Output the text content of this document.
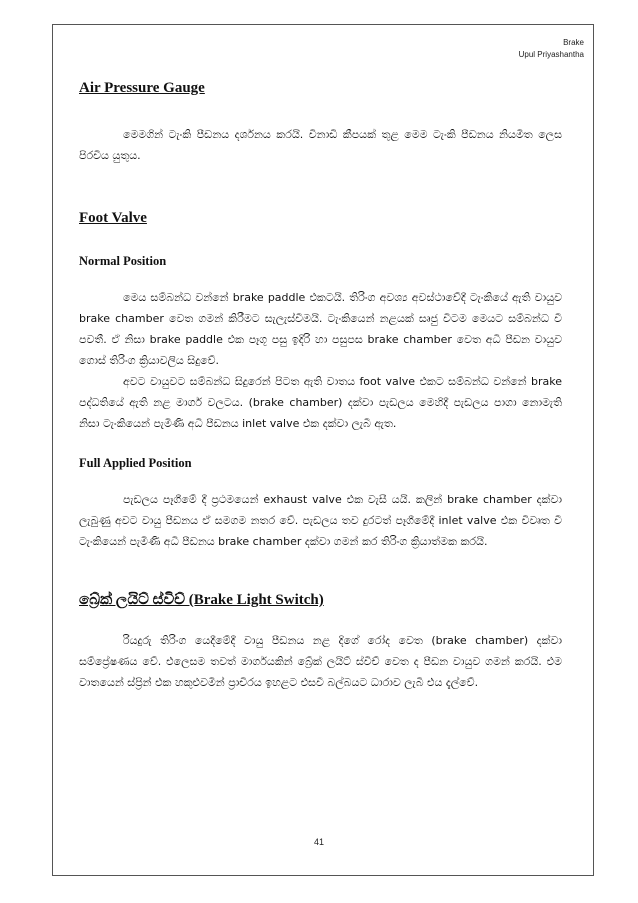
Brake
Upul Priyashantha
Air Pressure Gauge

මෙමගින් ටැංකි පීඩනය දර්ශනය කරයි. විනාඩි කීපයක් තුළ මෙම ටැංකි පීඩනය නියමිත ලෙස පිරවිය යුතුය.

Foot Valve
Normal Position

මෙය සම්බන්ධ වන්නේ brake paddle එකටයි. තිරිංග අවශ්‍ය අවස්ථාවේදී ටැංකියේ ඇති වායුව brake chamber වෙත ගමන් කිරීමට සැලැස්වීමයි. ටැංකියෙන් නළයක් සෘජු විටම මෙයට සම්බන්ධ වී පවතී. ඒ නිසා brake paddle එක පෑගූ පසු ඉදිරි හා පසුපස brake chamber වෙත අධි පීඩන වායුව ගොස් තිරිංග ක්‍රියාවලිය සිදුවේ.

අවට වායුවට සම්බන්ධ සිදුරෙන් පිටත ඇති වාතය foot valve එකට සම්බන්ධ වන්නේ brake පද්ධතියේ ඇති නළ මාර්ග වලටය. (brake chamber) දක්වා පැඩලය මෙහිදී පැඩලය පාගා නොමැති නිසා ටැංකියෙන් පැමිණි අධි පීඩනය inlet valve එක දක්වා ලැබී ඇත.

Full Applied Position

පැඩලය පෑගීමේ දී ප්‍රථමයෙන් exhaust valve එක වැසී යයි. කලින් brake chamber දක්වා ලැබුණු අවට වායු පීඩනය ඒ සමගම නතර වේ. පැඩලය තව දුරටත් පෑගීමේදී inlet valve එක විවෘත වී ටැංකියෙන් පැමිණි අධි පීඩනය brake chamber දක්වා ගමන් කර තිරිංග ක්‍රියාත්මක කරයි.

බ්‍රේක් ලයිට් ස්විච් (Brake Light Switch)

රියදුරු තිරිංග යෙදීමේදී වායු පීඩනය නළ දිගේ රෝද වෙත (brake chamber) දක්වා සම්ප්‍රේෂණය වේ. එලෙසම තවත් මාර්ගයකින් බ්‍රේක් ලයිට් ස්විච් වෙත ද පීඩන වායුව ගමන් කරයි. එම වාතයෙන් ස්ප්‍රින් එක හකුළුවමින් ප්‍රාචීරය ඉහළට එසවී බල්බයට ධාරාව ලැබී එය දැල්වේ.

41
